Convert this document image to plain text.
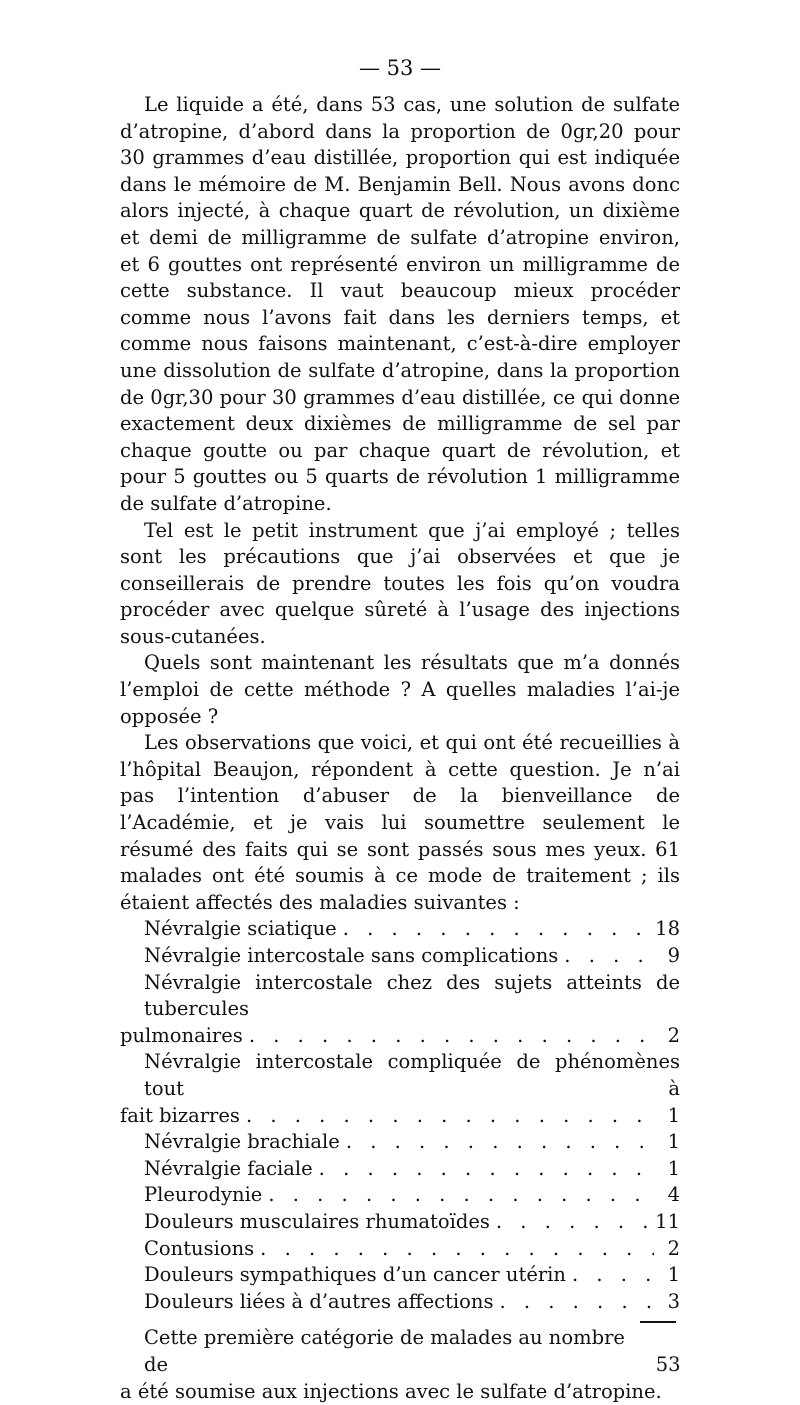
— 53 —

Le liquide a été, dans 53 cas, une solution de sulfate d’atropine, d’abord dans la proportion de 0gr,20 pour 30 grammes d’eau distillée, proportion qui est indiquée dans le mémoire de M. Benjamin Bell. Nous avons donc alors injecté, à chaque quart de révolution, un dixième et demi de milligramme de sulfate d’atropine environ, et 6 gouttes ont représenté environ un milligramme de cette substance. Il vaut beaucoup mieux procéder comme nous l’avons fait dans les derniers temps, et comme nous faisons maintenant, c’est-à-dire employer une dissolution de sulfate d’atropine, dans la proportion de 0gr,30 pour 30 grammes d’eau distillée, ce qui donne exactement deux dixièmes de milligramme de sel par chaque goutte ou par chaque quart de révolution, et pour 5 gouttes ou 5 quarts de révolution 1 milligramme de sulfate d’atropine.

Tel est le petit instrument que j’ai employé ; telles sont les précautions que j’ai observées et que je conseillerais de prendre toutes les fois qu’on voudra procéder avec quelque sûreté à l’usage des injections sous-cutanées.

Quels sont maintenant les résultats que m’a donnés l’emploi de cette méthode ? A quelles maladies l’ai-je opposée ?

Les observations que voici, et qui ont été recueillies à l’hôpital Beaujon, répondent à cette question. Je n’ai pas l’intention d’abuser de la bienveillance de l’Académie, et je vais lui soumettre seulement le résumé des faits qui se sont passés sous mes yeux. 61 malades ont été soumis à ce mode de traitement ; ils étaient affectés des maladies suivantes :

Névralgie sciatique . . .	18
Névralgie intercostale sans complications . . .	9
Névralgie intercostale chez des sujets atteints de tubercules
pulmonaires . . .	2
Névralgie intercostale compliquée de phénomènes tout à
fait bizarres . . .	1
Névralgie brachiale . . .	1
Névralgie faciale . . .	1
Pleurodynie . . .	4
Douleurs musculaires rhumatoïdes . . .	11
Contusions . . .	2
Douleurs sympathiques d’un cancer utérin . . .	1
Douleurs liées à d’autres affections . . .	3
Cette première catégorie de malades au nombre de	53

a été soumise aux injections avec le sulfate d’atropine.
